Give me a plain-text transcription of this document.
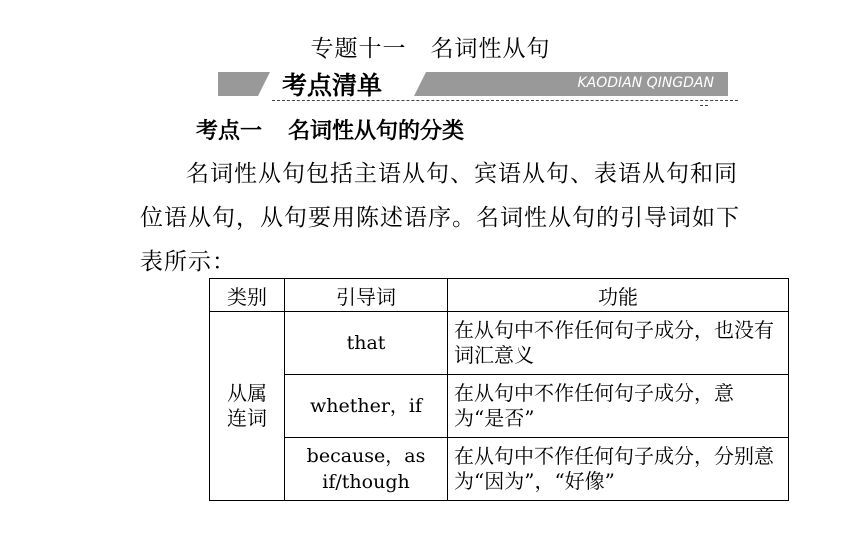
专题十一　名词性从句
考点清单	KAODIAN QINGDAN
考点一 名词性从句的分类
名词性从句包括主语从句、宾语从句、表语从句和同位语从句，从句要用陈述语序。名词性从句的引导词如下表所示：
类别	引导词	功能

从属连词	that	在从句中不作任何句子成分，也没有词汇意义
	whether，if	在从句中不作任何句子成分，意为“是否”

	because，as if/though	在从句中不作任何句子成分，分别意为“因为”，“好像”
